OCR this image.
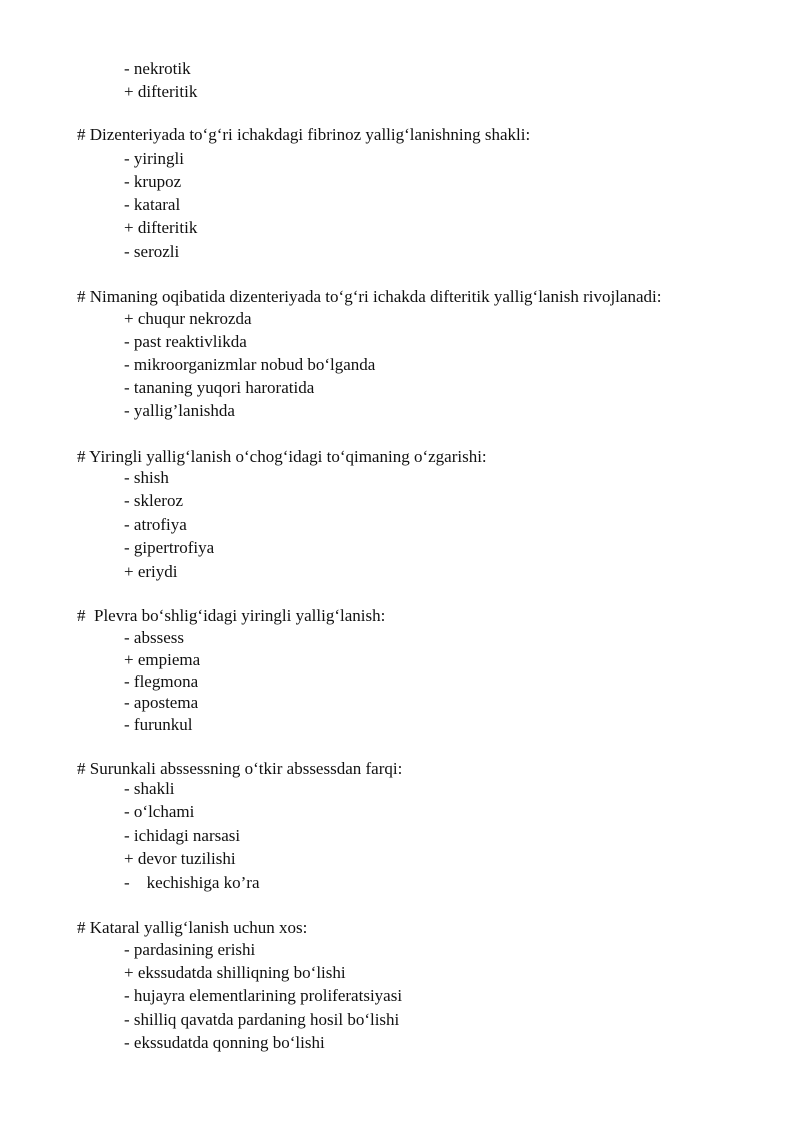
- nekrotik
+ difteritik
# Dizenteriyada to‘g‘ri ichakdagi fibrinoz yallig‘lanishning shakli:
- yiringli
- krupoz
- kataral
+ difteritik
- serozli
# Nimaning oqibatida dizenteriyada to‘g‘ri ichakda difteritik yallig‘lanish rivojlanadi:
+ chuqur nekrozda
- past reaktivlikda
- mikroorganizmlar nobud bo‘lganda
- tananing yuqori haroratida
- yallig’lanishda
# Yiringli yallig‘lanish o‘chog‘idagi to‘qimaning o‘zgarishi:
- shish
- skleroz
- atrofiya
- gipertrofiya
+ eriydi
#  Plevra bo‘shlig‘idagi yiringli yallig‘lanish:
- abssess
+ empiema
- flegmona
- apostema
- furunkul
# Surunkali abssessning o‘tkir abssessdan farqi:
- shakli
- o‘lchami
- ichidagi narsasi
+ devor tuzilishi
-    kechishiga ko’ra
# Kataral yallig‘lanish uchun xos:
- pardasining erishi
+ ekssudatda shilliqning bo‘lishi
- hujayra elementlarining proliferatsiyasi
- shilliq qavatda pardaning hosil bo‘lishi
- ekssudatda qonning bo‘lishi
